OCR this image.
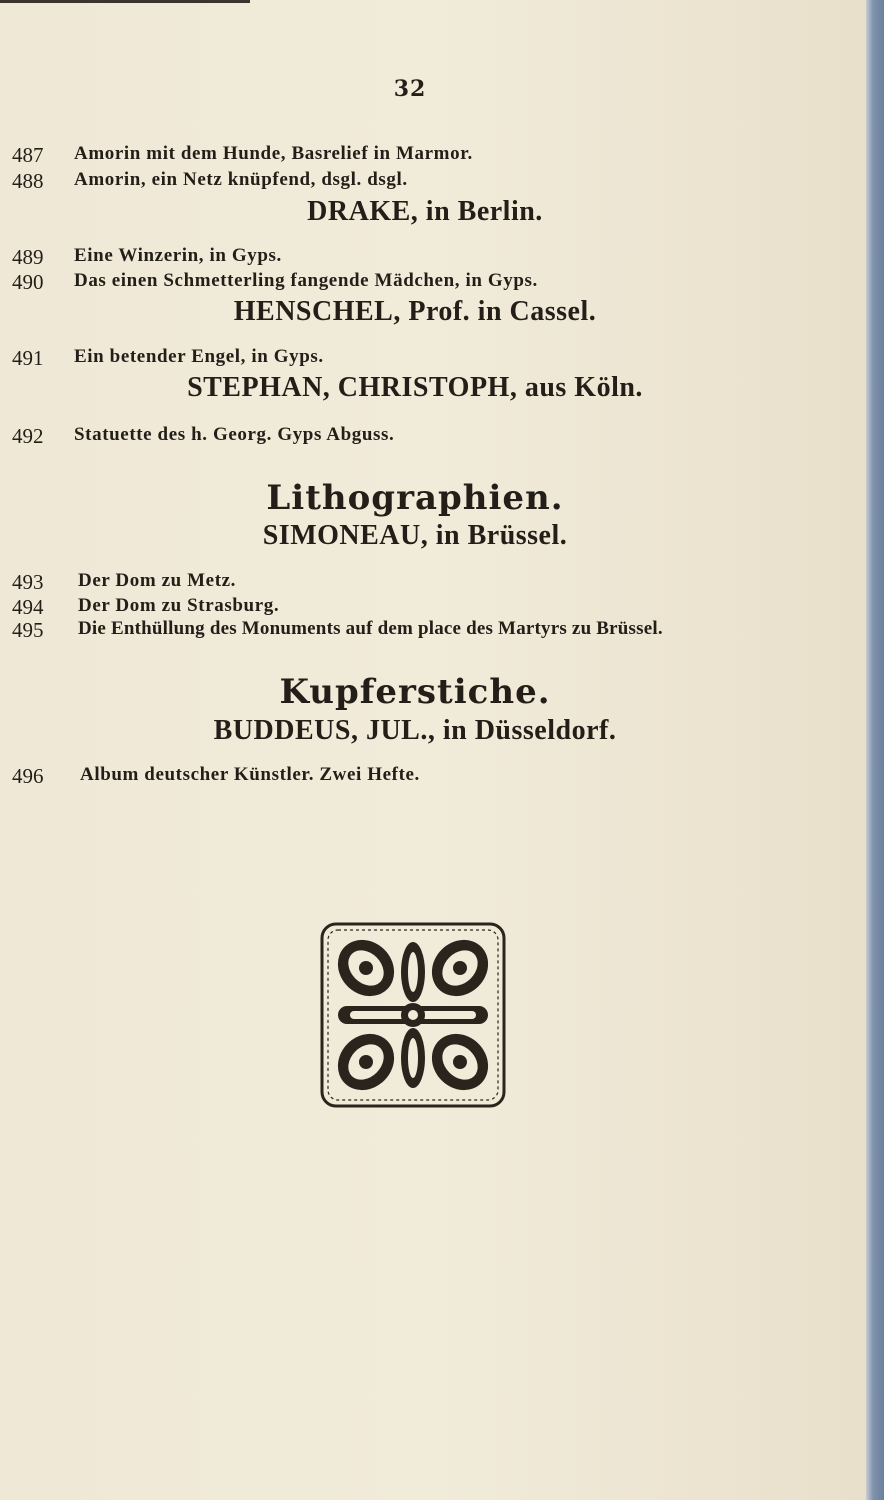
32
487 Amorin mit dem Hunde, Basrelief in Marmor.
488 Amorin, ein Netz knüpfend, dsgl. dsgl.
DRAKE, in Berlin.
489 Eine Winzerin, in Gyps.
490 Das einen Schmetterling fangende Mädchen, in Gyps.
HENSCHEL, Prof. in Cassel.
491 Ein betender Engel, in Gyps.
STEPHAN, CHRISTOPH, aus Köln.
492 Statuette des h. Georg. Gyps Abguss.
Lithographien.
SIMONEAU, in Brüssel.
493 Der Dom zu Metz.
494 Der Dom zu Strasburg.
495 Die Enthüllung des Monuments auf dem place des Martyrs zu Brüssel.
Kupferstiche.
BUDDEUS, JUL., in Düsseldorf.
496 Album deutscher Künstler. Zwei Hefte.
